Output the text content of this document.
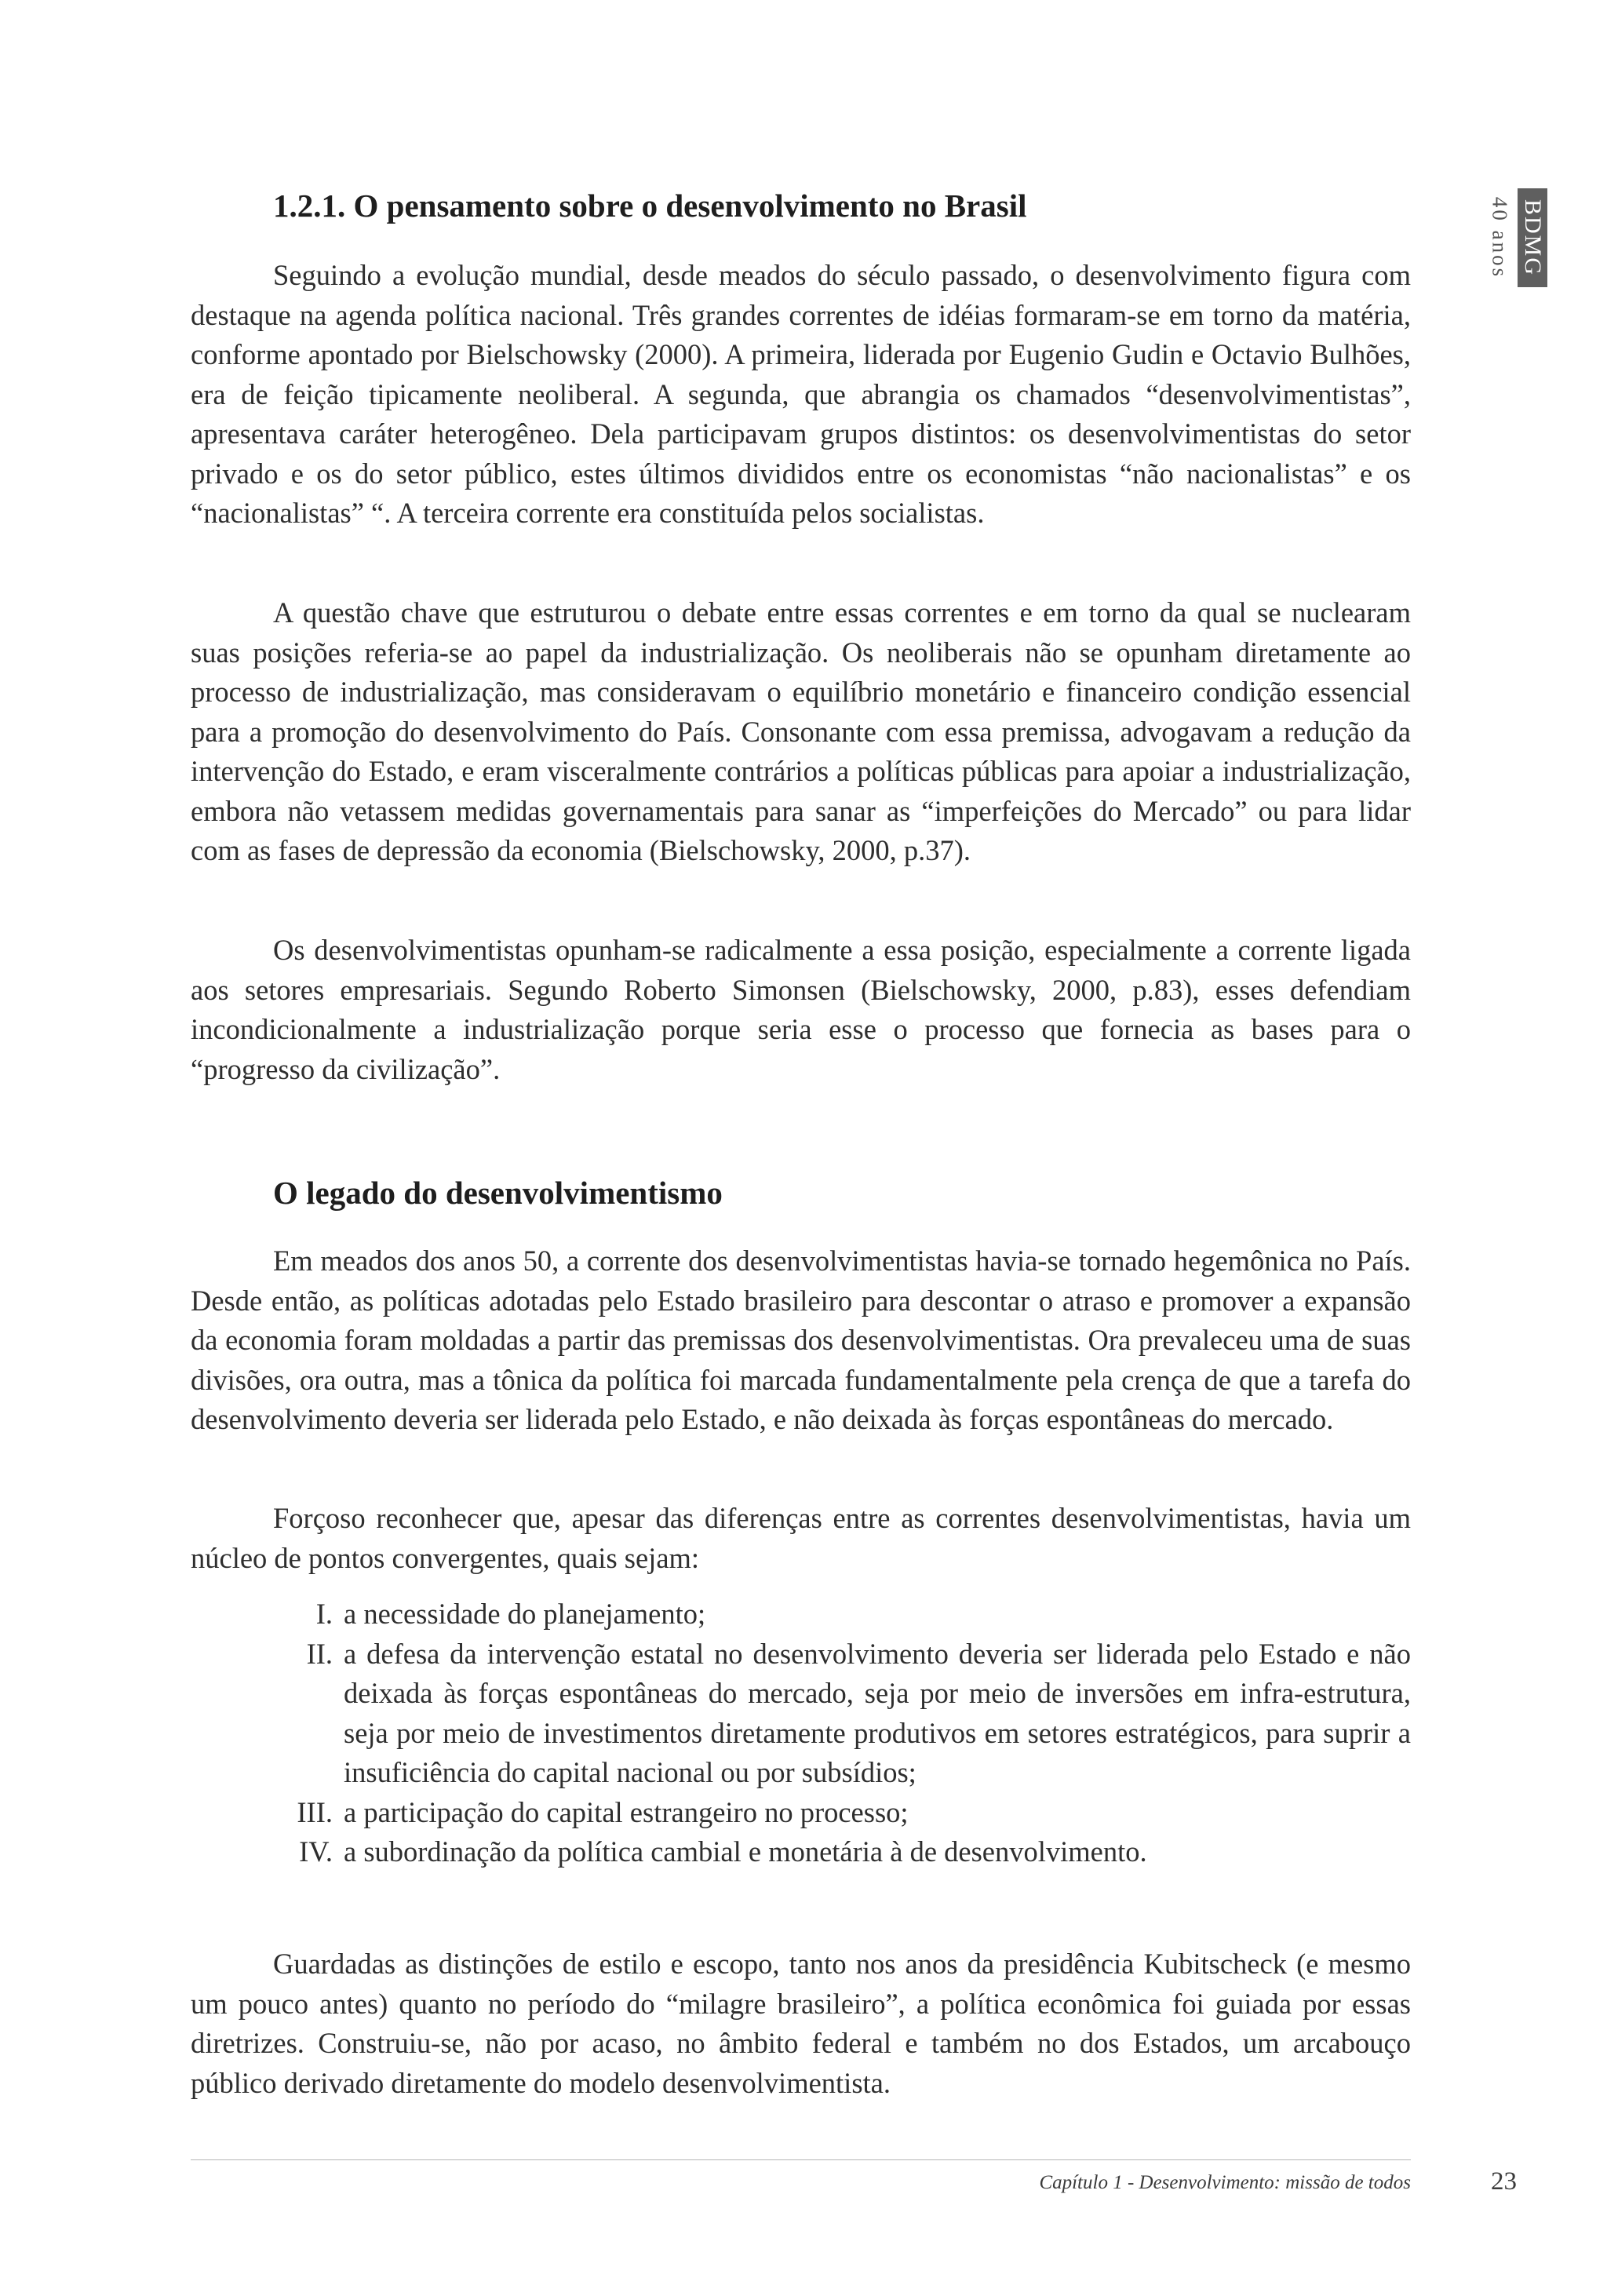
1.2.1. O pensamento sobre o desenvolvimento no Brasil	40 anos BDMG

Seguindo a evolução mundial, desde meados do século passado, o desenvolvimento figura com destaque na agenda política nacional. Três grandes correntes de idéias formaram-se em torno da matéria, conforme apontado por Bielschowsky (2000). A primeira, liderada por Eugenio Gudin e Octavio Bulhões, era de feição tipicamente neoliberal. A segunda, que abrangia os chamados “desenvolvimentistas”, apresentava caráter heterogêneo. Dela participavam grupos distintos: os desenvolvimentistas do setor privado e os do setor público, estes últimos divididos entre os economistas “não nacionalistas” e os “nacionalistas” “. A terceira corrente era constituída pelos socialistas.

A questão chave que estruturou o debate entre essas correntes e em torno da qual se nuclearam suas posições referia-se ao papel da industrialização. Os neoliberais não se opunham diretamente ao processo de industrialização, mas consideravam o equilíbrio monetário e financeiro condição essencial para a promoção do desenvolvimento do País. Consonante com essa premissa, advogavam a redução da intervenção do Estado, e eram visceralmente contrários a políticas públicas para apoiar a industrialização, embora não vetassem medidas governamentais para sanar as “imperfeições do Mercado” ou para lidar com as fases de depressão da economia (Bielschowsky, 2000, p.37).

Os desenvolvimentistas opunham-se radicalmente a essa posição, especialmente a corrente ligada aos setores empresariais. Segundo Roberto Simonsen (Bielschowsky, 2000, p.83), esses defendiam incondicionalmente a industrialização porque seria esse o processo que fornecia as bases para o “progresso da civilização”.

O legado do desenvolvimentismo

Em meados dos anos 50, a corrente dos desenvolvimentistas havia-se tornado hegemônica no País. Desde então, as políticas adotadas pelo Estado brasileiro para descontar o atraso e promover a expansão da economia foram moldadas a partir das premissas dos desenvolvimentistas. Ora prevaleceu uma de suas divisões, ora outra, mas a tônica da política foi marcada fundamentalmente pela crença de que a tarefa do desenvolvimento deveria ser liderada pelo Estado, e não deixada às forças espontâneas do mercado.

Forçoso reconhecer que, apesar das diferenças entre as correntes desenvolvimentistas, havia um núcleo de pontos convergentes, quais sejam:

I. a necessidade do planejamento;
II. a defesa da intervenção estatal no desenvolvimento deveria ser liderada pelo Estado e não deixada às forças espontâneas do mercado, seja por meio de inversões em infra-estrutura, seja por meio de investimentos diretamente produtivos em setores estratégicos, para suprir a insuficiência do capital nacional ou por subsídios;
III. a participação do capital estrangeiro no processo;
IV. a subordinação da política cambial e monetária à de desenvolvimento.

Guardadas as distinções de estilo e escopo, tanto nos anos da presidência Kubitscheck (e mesmo um pouco antes) quanto no período do “milagre brasileiro”, a política econômica foi guiada por essas diretrizes. Construiu-se, não por acaso, no âmbito federal e também no dos Estados, um arcabouço público derivado diretamente do modelo desenvolvimentista.

Capítulo 1 - Desenvolvimento: missão de todos	23
